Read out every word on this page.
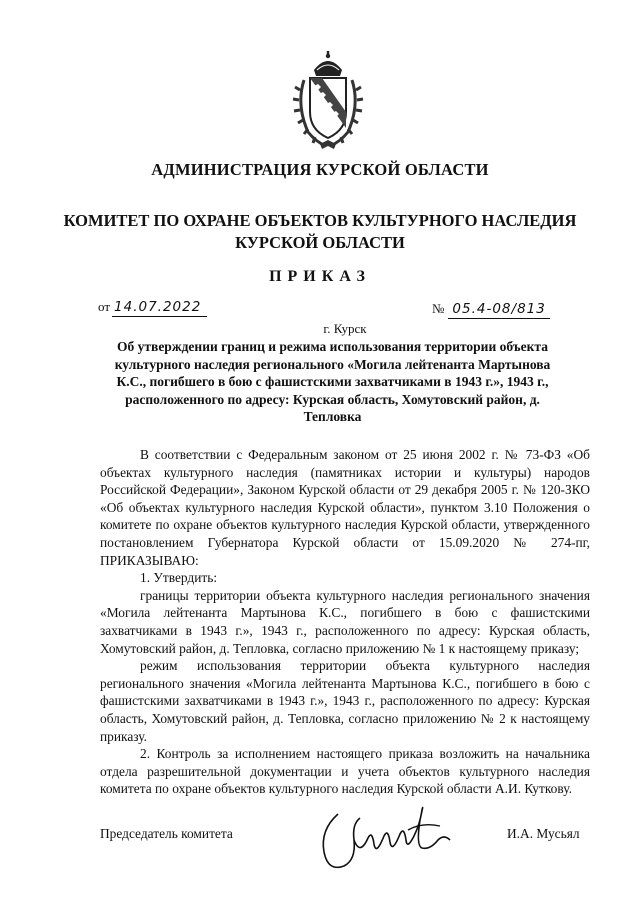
АДМИНИСТРАЦИЯ КУРСКОЙ ОБЛАСТИ
КОМИТЕТ ПО ОХРАНЕ ОБЪЕКТОВ КУЛЬТУРНОГО НАСЛЕДИЯ КУРСКОЙ ОБЛАСТИ
ПРИКАЗ
от 14.07.2022	№ 05.4-08/813
г. Курск
Об утверждении границ и режима использования территории объекта культурного наследия регионального «Могила лейтенанта Мартынова К.С., погибшего в бою с фашистскими захватчиками в 1943 г.», 1943 г., расположенного по адресу: Курская область, Хомутовский район, д. Тепловка

В соответствии с Федеральным законом от 25 июня 2002 г. № 73-ФЗ «Об объектах культурного наследия (памятниках истории и культуры) народов Российской Федерации», Законом Курской области от 29 декабря 2005 г. № 120-ЗКО «Об объектах культурного наследия Курской области», пунктом 3.10 Положения о комитете по охране объектов культурного наследия Курской области, утвержденного постановлением Губернатора Курской области от 15.09.2020 № 274-пг, ПРИКАЗЫВАЮ:

1. Утвердить:

границы территории объекта культурного наследия регионального значения «Могила лейтенанта Мартынова К.С., погибшего в бою с фашистскими захватчиками в 1943 г.», 1943 г., расположенного по адресу: Курская область, Хомутовский район, д. Тепловка, согласно приложению № 1 к настоящему приказу;

режим использования территории объекта культурного наследия регионального значения «Могила лейтенанта Мартынова К.С., погибшего в бою с фашистскими захватчиками в 1943 г.», 1943 г., расположенного по адресу: Курская область, Хомутовский район, д. Тепловка, согласно приложению № 2 к настоящему приказу.

2. Контроль за исполнением настоящего приказа возложить на начальника отдела разрешительной документации и учета объектов культурного наследия комитета по охране объектов культурного наследия Курской области А.И. Куткову.

Председатель комитета	И.А. Мусьял
